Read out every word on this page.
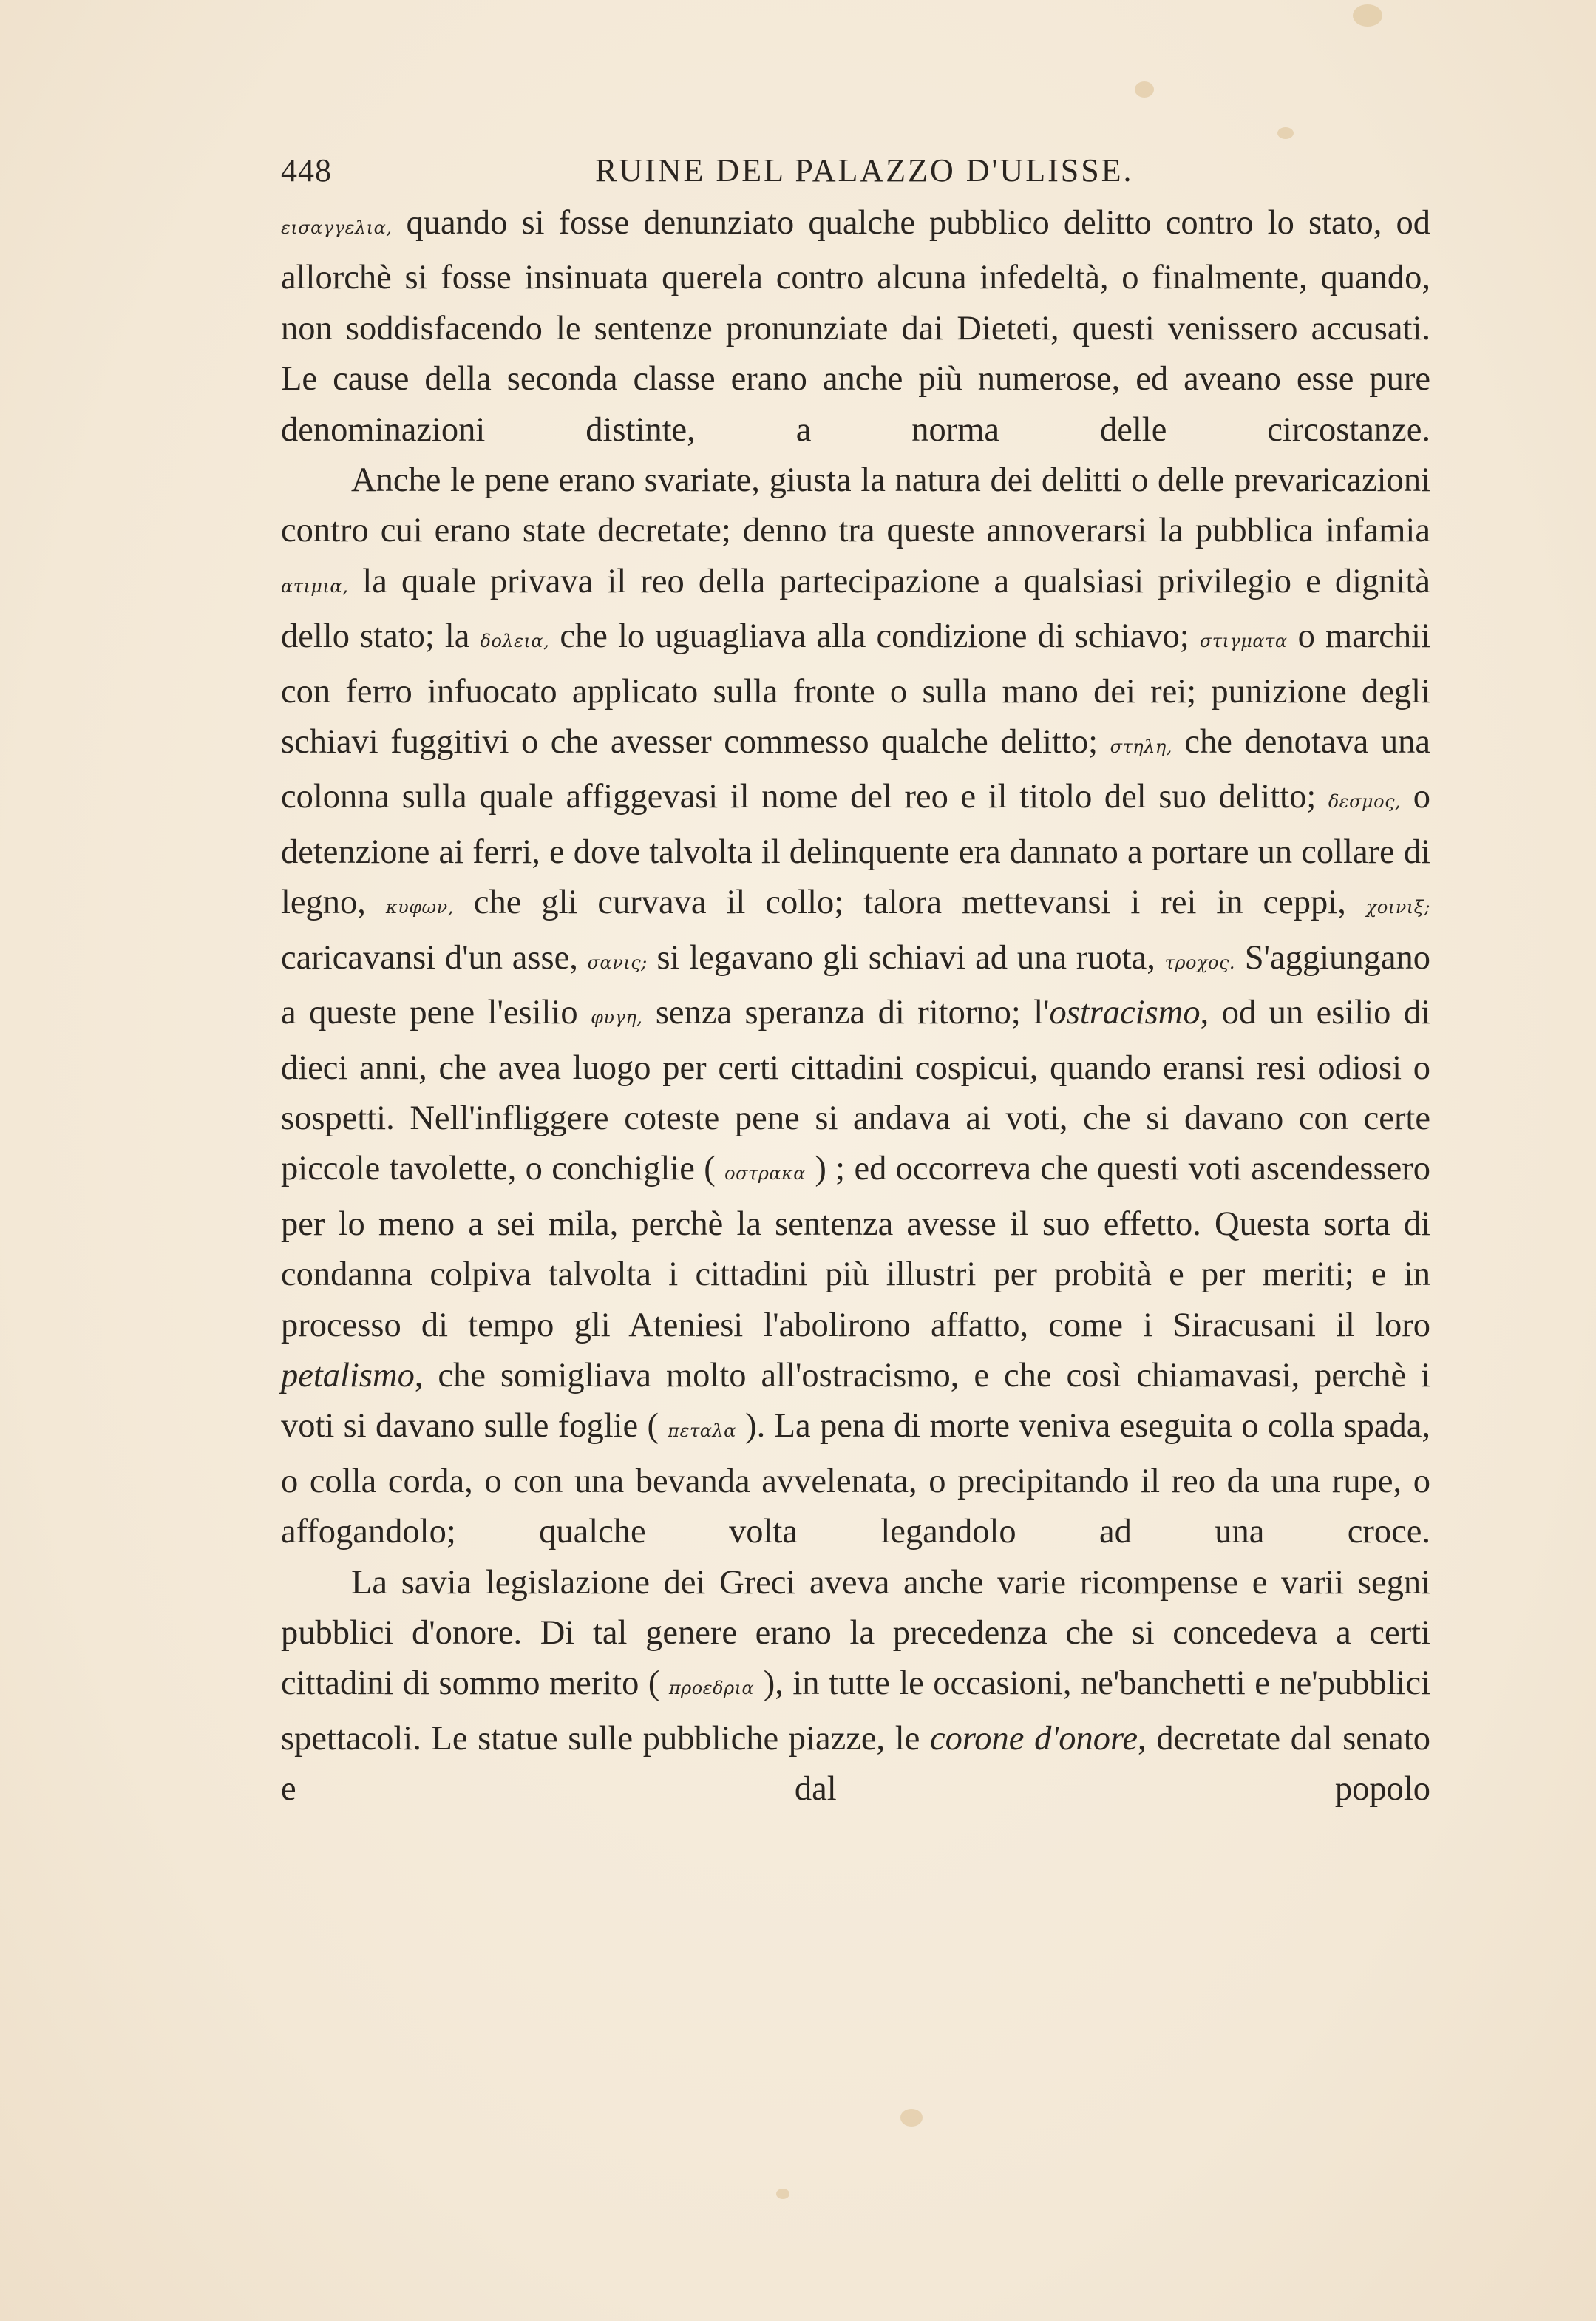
448	RUINE DEL PALAZZO D'ULISSE.

εισαγγελια, quando si fosse denunziato qualche pubblico delitto contro lo stato, od allorchè si fosse insinuata querela contro alcuna infedeltà, o finalmente, quando, non soddisfacendo le sentenze pronunziate dai Dieteti, questi venissero accusati. Le cause della seconda classe erano anche più numerose, ed aveano esse pure denominazioni distinte, a norma delle circostanze.

Anche le pene erano svariate, giusta la natura dei delitti o delle prevaricazioni contro cui erano state decretate; denno tra queste annoverarsi la pubblica infamia ατιμια, la quale privava il reo della partecipazione a qualsiasi privilegio e dignità dello stato; la δολεια, che lo uguagliava alla condizione di schiavo; στιγματα o marchii con ferro infuocato applicato sulla fronte o sulla mano dei rei; punizione degli schiavi fuggitivi o che avesser commesso qualche delitto; στηλη, che denotava una colonna sulla quale affiggevasi il nome del reo e il titolo del suo delitto; δεσμος, o detenzione ai ferri, e dove talvolta il delinquente era dannato a portare un collare di legno, κυφων, che gli curvava il collo; talora mettevansi i rei in ceppi, χοινιξ; caricavansi d'un asse, σανις; si legavano gli schiavi ad una ruota, τροχος. S'aggiungano a queste pene l'esilio φυγη, senza speranza di ritorno; l'ostracismo, od un esilio di dieci anni, che avea luogo per certi cittadini cospicui, quando eransi resi odiosi o sospetti. Nell'infliggere coteste pene si andava ai voti, che si davano con certe piccole tavolette, o conchiglie ( οστρακα ) ; ed occorreva che questi voti ascendessero per lo meno a sei mila, perchè la sentenza avesse il suo effetto. Questa sorta di condanna colpiva talvolta i cittadini più illustri per probità e per meriti; e in processo di tempo gli Ateniesi l'abolirono affatto, come i Siracusani il loro petalismo, che somigliava molto all'ostracismo, e che così chiamavasi, perchè i voti si davano sulle foglie ( πεταλα ). La pena di morte veniva eseguita o colla spada, o colla corda, o con una bevanda avvelenata, o precipitando il reo da una rupe, o affogandolo; qualche volta legandolo ad una croce.

La savia legislazione dei Greci aveva anche varie ricompense e varii segni pubblici d'onore. Di tal genere erano la precedenza che si concedeva a certi cittadini di sommo merito ( προεδρια ), in tutte le occasioni, ne'banchetti e ne'pubblici spettacoli. Le statue sulle pubbliche piazze, le corone d'onore, decretate dal senato e dal popolo
